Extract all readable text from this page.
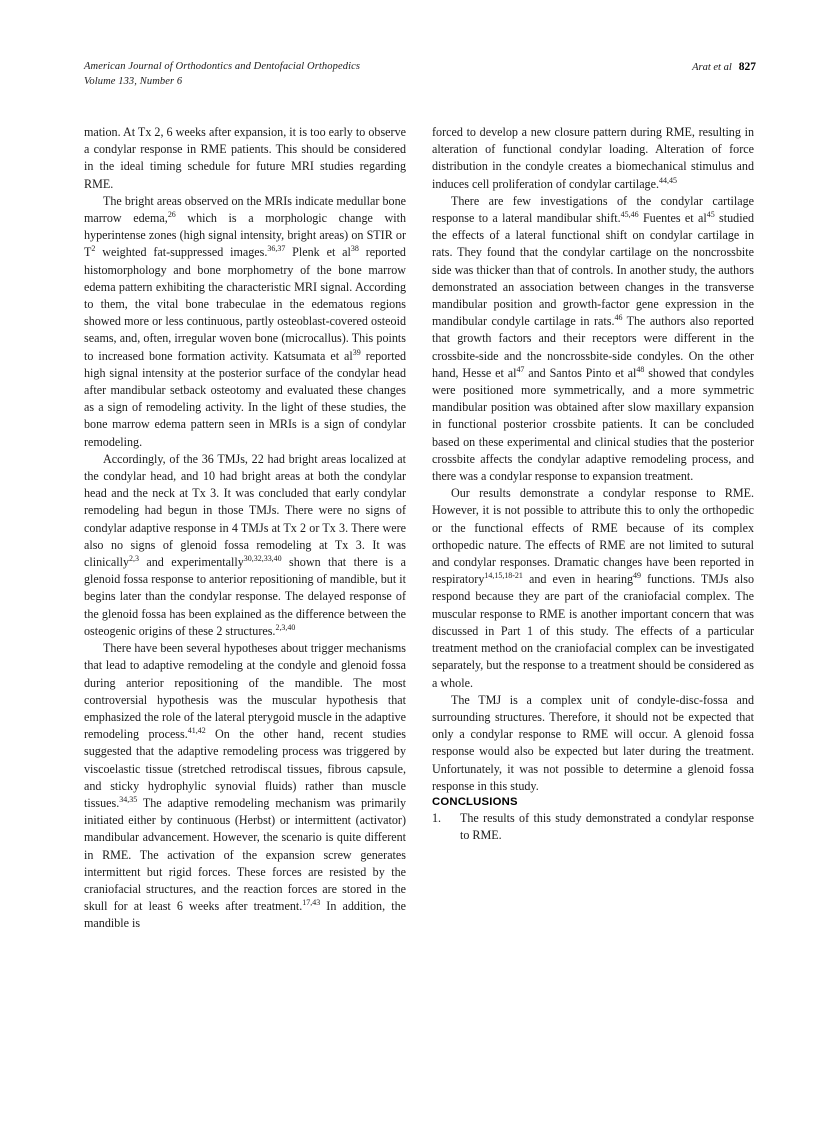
American Journal of Orthodontics and Dentofacial Orthopedics
Volume 133, Number 6
Arat et al 827

mation. At Tx 2, 6 weeks after expansion, it is too early to observe a condylar response in RME patients. This should be considered in the ideal timing schedule for future MRI studies regarding RME.

The bright areas observed on the MRIs indicate medullar bone marrow edema,$^{26}$ which is a morphologic change with hyperintense zones (high signal intensity, bright areas) on STIR or $T^2$ weighted fat-suppressed images.$^{36,37}$ Plenk et $al^{38}$ reported histomorphology and bone morphometry of the bone marrow edema pattern exhibiting the characteristic MRI signal. According to them, the vital bone trabeculae in the edematous regions showed more or less continuous, partly osteoblast-covered osteoid seams, and, often, irregular woven bone (microcallus). This points to increased bone formation activity. Katsumata et $al^{39}$ reported high signal intensity at the posterior surface of the condylar head after mandibular setback osteotomy and evaluated these changes as a sign of remodeling activity. In the light of these studies, the bone marrow edema pattern seen in MRIs is a sign of condylar remodeling.

Accordingly, of the 36 TMJs, 22 had bright areas localized at the condylar head, and 10 had bright areas at both the condylar head and the neck at Tx 3. It was concluded that early condylar remodeling had begun in those TMJs. There were no signs of condylar adaptive response in 4 TMJs at Tx 2 or Tx 3. There were also no signs of glenoid fossa remodeling at Tx 3. It was clinically$^{2,3}$ and experimentally$^{30,32,33,40}$ shown that there is a glenoid fossa response to anterior repositioning of mandible, but it begins later than the condylar response. The delayed response of the glenoid fossa has been explained as the difference between the osteogenic origins of these 2 structures.$^{2,3,40}$

There have been several hypotheses about trigger mechanisms that lead to adaptive remodeling at the condyle and glenoid fossa during anterior repositioning of the mandible. The most controversial hypothesis was the muscular hypothesis that emphasized the role of the lateral pterygoid muscle in the adaptive remodeling process.$^{41,42}$ On the other hand, recent studies suggested that the adaptive remodeling process was triggered by viscoelastic tissue (stretched retrodiscal tissues, fibrous capsule, and sticky hydrophylic synovial fluids) rather than muscle tissues.$^{34,35}$ The adaptive remodeling mechanism was primarily initiated either by continuous (Herbst) or intermittent (activator) mandibular advancement. However, the scenario is quite different in RME. The activation of the expansion screw generates intermittent but rigid forces. These forces are resisted by the craniofacial structures, and the reaction forces are stored in the skull for at least 6 weeks after treatment.$^{17,43}$ In addition, the mandible is

forced to develop a new closure pattern during RME, resulting in alteration of functional condylar loading. Alteration of force distribution in the condyle creates a biomechanical stimulus and induces cell proliferation of condylar cartilage.$^{44,45}$

There are few investigations of the condylar cartilage response to a lateral mandibular shift.$^{45,46}$ Fuentes et $al^{45}$ studied the effects of a lateral functional shift on condylar cartilage in rats. They found that the condylar cartilage on the noncrossbite side was thicker than that of controls. In another study, the authors demonstrated an association between changes in the transverse mandibular position and growth-factor gene expression in the mandibular condyle cartilage in rats.$^{46}$ The authors also reported that growth factors and their receptors were different in the crossbite-side and the noncrossbite-side condyles. On the other hand, Hesse et $al^{47}$ and Santos Pinto et $al^{48}$ showed that condyles were positioned more symmetrically, and a more symmetric mandibular position was obtained after slow maxillary expansion in functional posterior crossbite patients. It can be concluded based on these experimental and clinical studies that the posterior crossbite affects the condylar adaptive remodeling process, and there was a condylar response to expansion treatment.

Our results demonstrate a condylar response to RME. However, it is not possible to attribute this to only the orthopedic or the functional effects of RME because of its complex orthopedic nature. The effects of RME are not limited to sutural and condylar responses. Dramatic changes have been reported in respiratory$^{14,15,18-21}$ and even in hearing$^{49}$ functions. TMJs also respond because they are part of the craniofacial complex. The muscular response to RME is another important concern that was discussed in Part 1 of this study. The effects of a particular treatment method on the craniofacial complex can be investigated separately, but the response to a treatment should be considered as a whole.

The TMJ is a complex unit of condyle-disc-fossa and surrounding structures. Therefore, it should not be expected that only a condylar response to RME will occur. A glenoid fossa response would also be expected but later during the treatment. Unfortunately, it was not possible to determine a glenoid fossa response in this study.

CONCLUSIONS
1.	The results of this study demonstrated a condylar response to RME.
